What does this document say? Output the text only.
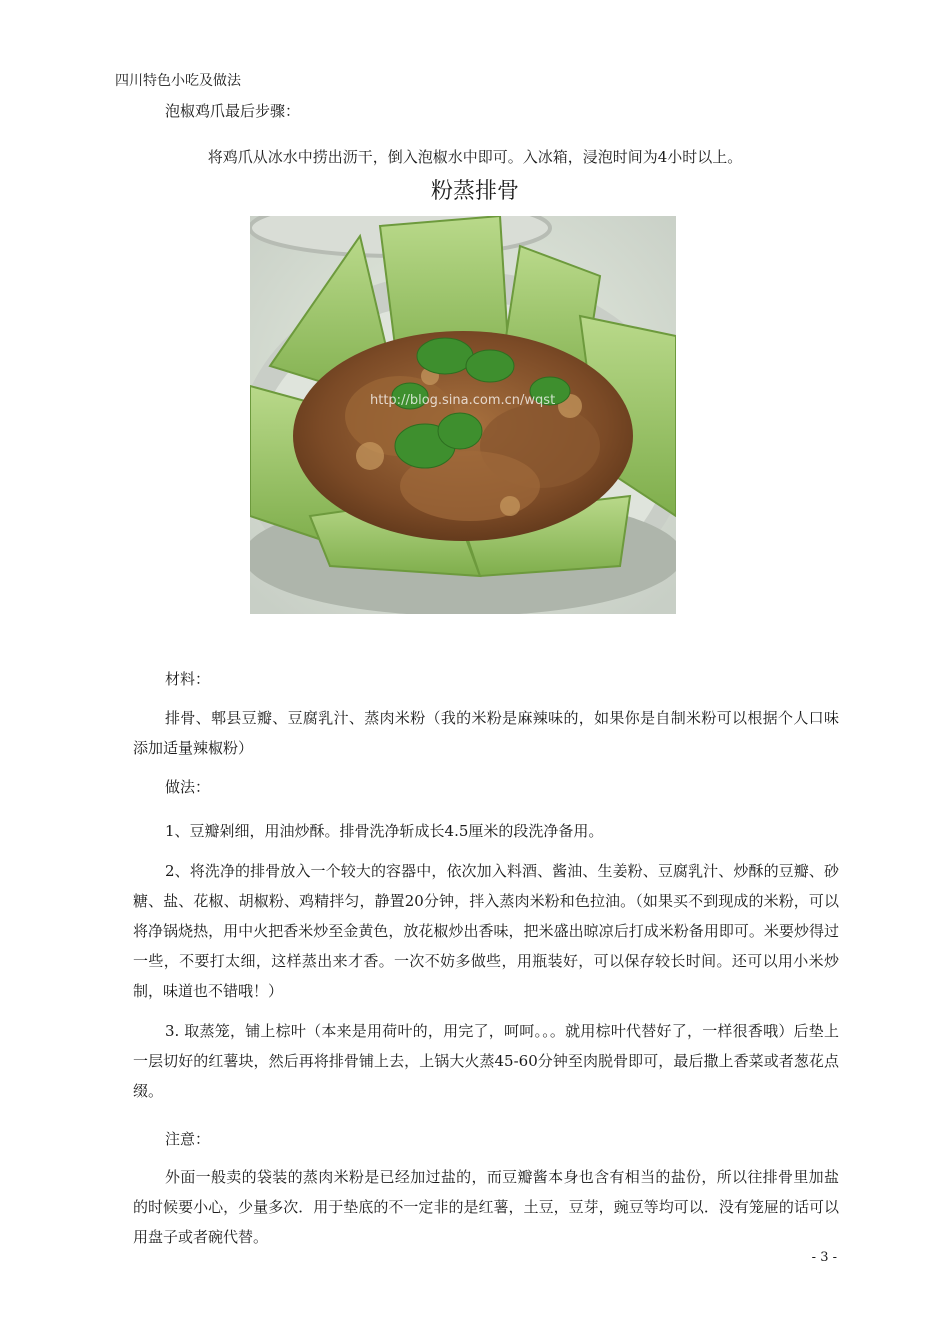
四川特色小吃及做法
泡椒鸡爪最后步骤：
将鸡爪从冰水中捞出沥干，倒入泡椒水中即可。入冰箱，浸泡时间为4小时以上。
粉蒸排骨
http://blog.sina.com.cn/wqst
材料：
排骨、郫县豆瓣、豆腐乳汁、蒸肉米粉（我的米粉是麻辣味的，如果你是自制米粉可以根据个人口味添加适量辣椒粉）
做法：
1、豆瓣剁细，用油炒酥。排骨洗净斩成长4.5厘米的段洗净备用。
2、将洗净的排骨放入一个较大的容器中，依次加入料酒、酱油、生姜粉、豆腐乳汁、炒酥的豆瓣、砂糖、盐、花椒、胡椒粉、鸡精拌匀，静置20分钟，拌入蒸肉米粉和色拉油。（如果买不到现成的米粉，可以将净锅烧热，用中火把香米炒至金黄色，放花椒炒出香味，把米盛出晾凉后打成米粉备用即可。米要炒得过一些，不要打太细，这样蒸出来才香。一次不妨多做些，用瓶装好，可以保存较长时间。还可以用小米炒制，味道也不错哦！）
3. 取蒸笼，铺上棕叶（本来是用荷叶的，用完了，呵呵。。。就用棕叶代替好了，一样很香哦）后垫上一层切好的红薯块，然后再将排骨铺上去，上锅大火蒸45-60分钟至肉脱骨即可，最后撒上香菜或者葱花点缀。
注意：
外面一般卖的袋装的蒸肉米粉是已经加过盐的，而豆瓣酱本身也含有相当的盐份，所以往排骨里加盐的时候要小心，少量多次．用于垫底的不一定非的是红薯，土豆，豆芽，豌豆等均可以．没有笼屉的话可以用盘子或者碗代替。
- 3 -
